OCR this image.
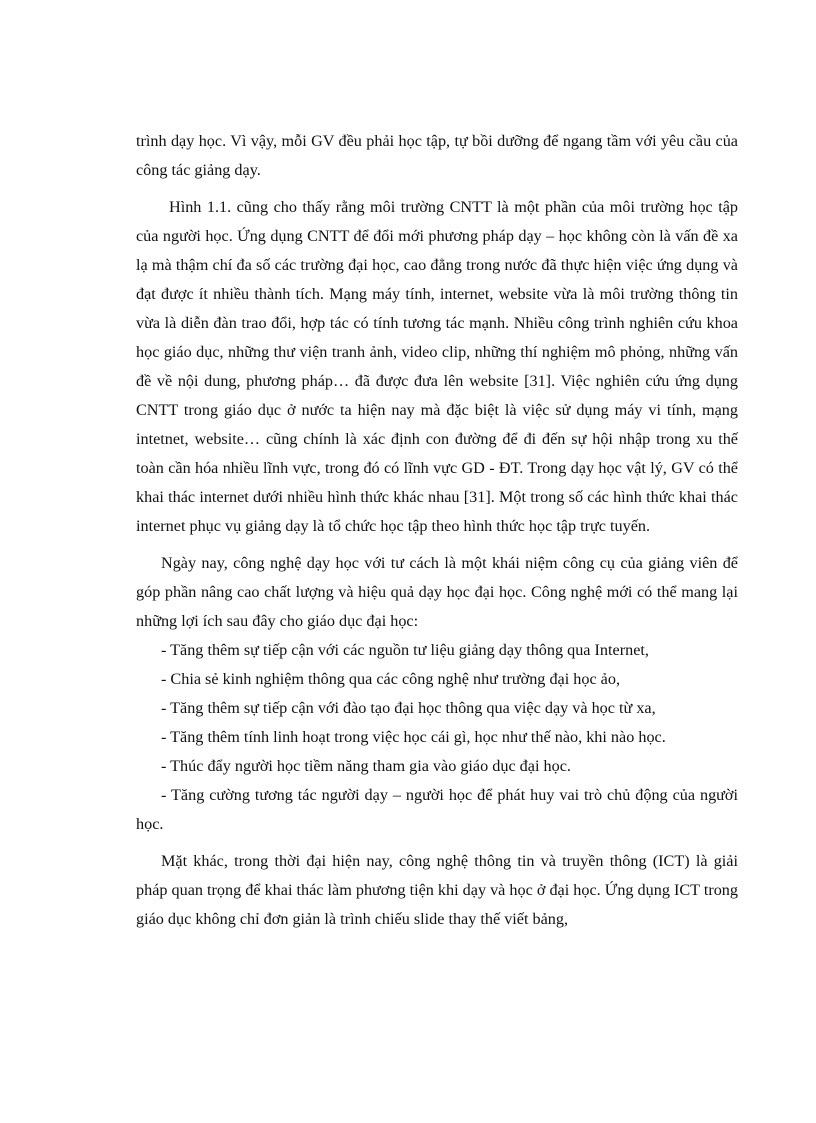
trình dạy học. Vì vậy, mỗi GV đều phải học tập, tự bồi dưỡng để ngang tầm với yêu cầu của công tác giảng dạy.

Hình 1.1. cũng cho thấy rằng môi trường CNTT là một phần của môi trường học tập của người học. Ứng dụng CNTT để đổi mới phương pháp dạy – học không còn là vấn đề xa lạ mà thậm chí đa số các trường đại học, cao đẳng trong nước đã thực hiện việc ứng dụng và đạt được ít nhiều thành tích. Mạng máy tính, internet, website vừa là môi trường thông tin vừa là diễn đàn trao đổi, hợp tác có tính tương tác mạnh. Nhiều công trình nghiên cứu khoa học giáo dục, những thư viện tranh ảnh, video clip, những thí nghiệm mô phỏng, những vấn đề về nội dung, phương pháp… đã được đưa lên website [31]. Việc nghiên cứu ứng dụng CNTT trong giáo dục ở nước ta hiện nay mà đặc biệt là việc sử dụng máy vi tính, mạng intetnet, website… cũng chính là xác định con đường để đi đến sự hội nhập trong xu thế toàn cần hóa nhiều lĩnh vực, trong đó có lĩnh vực GD - ĐT. Trong dạy học vật lý, GV có thể khai thác internet dưới nhiều hình thức khác nhau [31]. Một trong số các hình thức khai thác internet phục vụ giảng dạy là tổ chức học tập theo hình thức học tập trực tuyến.

Ngày nay, công nghệ dạy học với tư cách là một khái niệm công cụ của giảng viên để góp phần nâng cao chất lượng và hiệu quả dạy học đại học. Công nghệ mới có thể mang lại những lợi ích sau đây cho giáo dục đại học:

- Tăng thêm sự tiếp cận với các nguồn tư liệu giảng dạy thông qua Internet,
- Chia sẻ kinh nghiệm thông qua các công nghệ như trường đại học ảo,
- Tăng thêm sự tiếp cận với đào tạo đại học thông qua việc dạy và học từ xa,
- Tăng thêm tính linh hoạt trong việc học cái gì, học như thế nào, khi nào học.
- Thúc đẩy người học tiềm năng tham gia vào giáo dục đại học.
- Tăng cường tương tác người dạy – người học để phát huy vai trò chủ động của người học.

Mặt khác, trong thời đại hiện nay, công nghệ thông tin và truyền thông (ICT) là giải pháp quan trọng để khai thác làm phương tiện khi dạy và học ở đại học. Ứng dụng ICT trong giáo dục không chỉ đơn giản là trình chiếu slide thay thế viết bảng,
